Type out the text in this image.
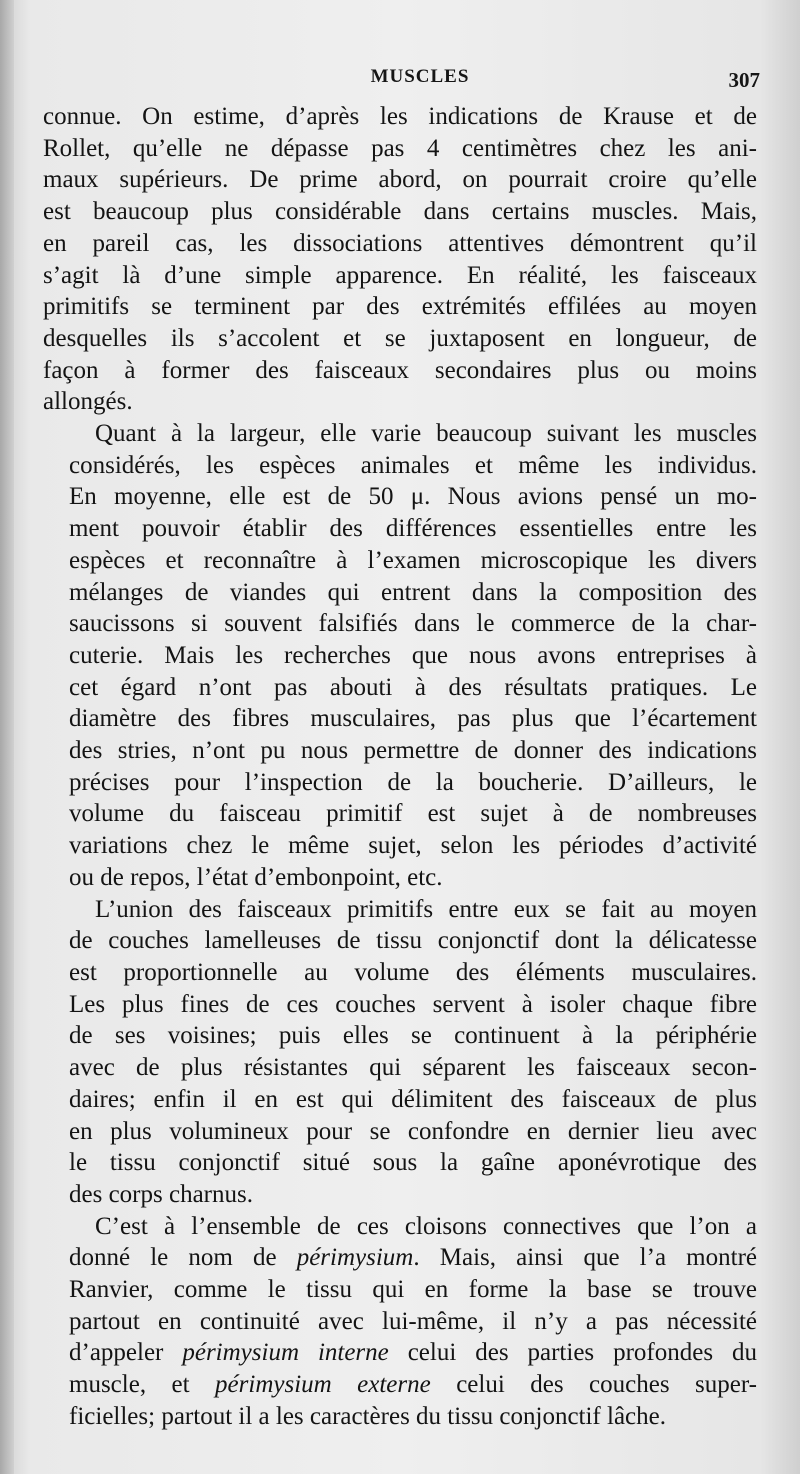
MUSCLES	307
connue. On estime, d’après les indications de Krause et de
Rollet, qu’elle ne dépasse pas 4 centimètres chez les ani-
maux supérieurs. De prime abord, on pourrait croire qu’elle
est beaucoup plus considérable dans certains muscles. Mais,
en pareil cas, les dissociations attentives démontrent qu’il
s’agit là d’une simple apparence. En réalité, les faisceaux
primitifs se terminent par des extrémités effilées au moyen
desquelles ils s’accolent et se juxtaposent en longueur, de
façon à former des faisceaux secondaires plus ou moins
allongés.
Quant à la largeur, elle varie beaucoup suivant les muscles
considérés, les espèces animales et même les individus.
En moyenne, elle est de 50 μ. Nous avions pensé un mo-
ment pouvoir établir des différences essentielles entre les
espèces et reconnaître à l’examen microscopique les divers
mélanges de viandes qui entrent dans la composition des
saucissons si souvent falsifiés dans le commerce de la char-
cuterie. Mais les recherches que nous avons entreprises à
cet égard n’ont pas abouti à des résultats pratiques. Le
diamètre des fibres musculaires, pas plus que l’écartement
des stries, n’ont pu nous permettre de donner des indications
précises pour l’inspection de la boucherie. D’ailleurs, le
volume du faisceau primitif est sujet à de nombreuses
variations chez le même sujet, selon les périodes d’activité
ou de repos, l’état d’embonpoint, etc.
L’union des faisceaux primitifs entre eux se fait au moyen
de couches lamelleuses de tissu conjonctif dont la délicatesse
est proportionnelle au volume des éléments musculaires.
Les plus fines de ces couches servent à isoler chaque fibre
de ses voisines; puis elles se continuent à la périphérie
avec de plus résistantes qui séparent les faisceaux secon-
daires; enfin il en est qui délimitent des faisceaux de plus
en plus volumineux pour se confondre en dernier lieu avec
le tissu conjonctif situé sous la gaîne aponévrotique des
des corps charnus.
C’est à l’ensemble de ces cloisons connectives que l’on a
donné le nom de périmysium. Mais, ainsi que l’a montré
Ranvier, comme le tissu qui en forme la base se trouve
partout en continuité avec lui-même, il n’y a pas nécessité
d’appeler périmysium interne celui des parties profondes du
muscle, et périmysium externe celui des couches super-
ficielles; partout il a les caractères du tissu conjonctif lâche.
